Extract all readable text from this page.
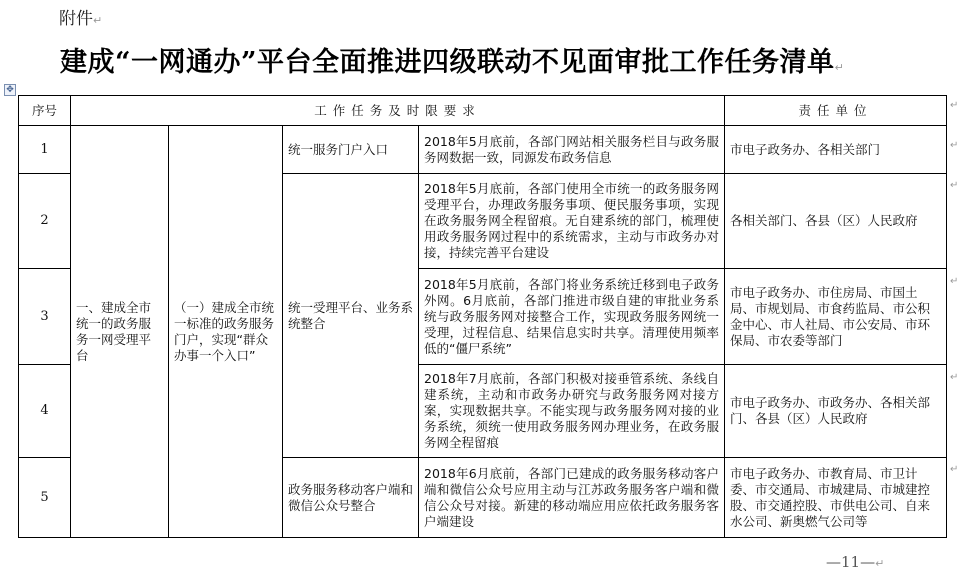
附件↵
建成“一网通办”平台全面推进四级联动不见面审批工作任务清单↵
✥
序号	工作任务及时限要求				责任单位
1	一、建成全市统一的政务服务一网受理平台	（一）建成全市统一标准的政务服务门户，实现“群众办事一个入口”	统一服务门户入口	2018年5月底前，各部门网站相关服务栏目与政务服务网数据一致，同源发布政务信息	市电子政务办、各相关部门
2			统一受理平台、业务系统整合	2018年5月底前，各部门使用全市统一的政务服务网受理平台，办理政务服务事项、便民服务事项，实现在政务服务网全程留痕。无自建系统的部门，梳理使用政务服务网过程中的系统需求，主动与市政务办对接，持续完善平台建设	各相关部门、各县（区）人民政府
3				2018年5月底前，各部门将业务系统迁移到电子政务外网。6月底前，各部门推进市级自建的审批业务系统与政务服务网对接整合工作，实现政务服务网统一受理，过程信息、结果信息实时共享。清理使用频率低的“僵尸系统”	市电子政务办、市住房局、市国土局、市规划局、市食药监局、市公积金中心、市人社局、市公安局、市环保局、市农委等部门
4				2018年7月底前，各部门积极对接垂管系统、条线自建系统，主动和市政务办研究与政务服务网对接方案，实现数据共享。不能实现与政务服务网对接的业务系统，须统一使用政务服务网办理业务，在政务服务网全程留痕	市电子政务办、市政务办、各相关部门、各县（区）人民政府
5			政务服务移动客户端和微信公众号整合	2018年6月底前，各部门已建成的政务服务移动客户端和微信公众号应用主动与江苏政务服务客户端和微信公众号对接。新建的移动端应用应依托政务服务客户端建设	市电子政务办、市教育局、市卫计委、市交通局、市城建局、市城建控股、市交通控股、市供电公司、自来水公司、新奥燃气公司等
↵
↵
↵
↵
↵
↵
—11—↵
